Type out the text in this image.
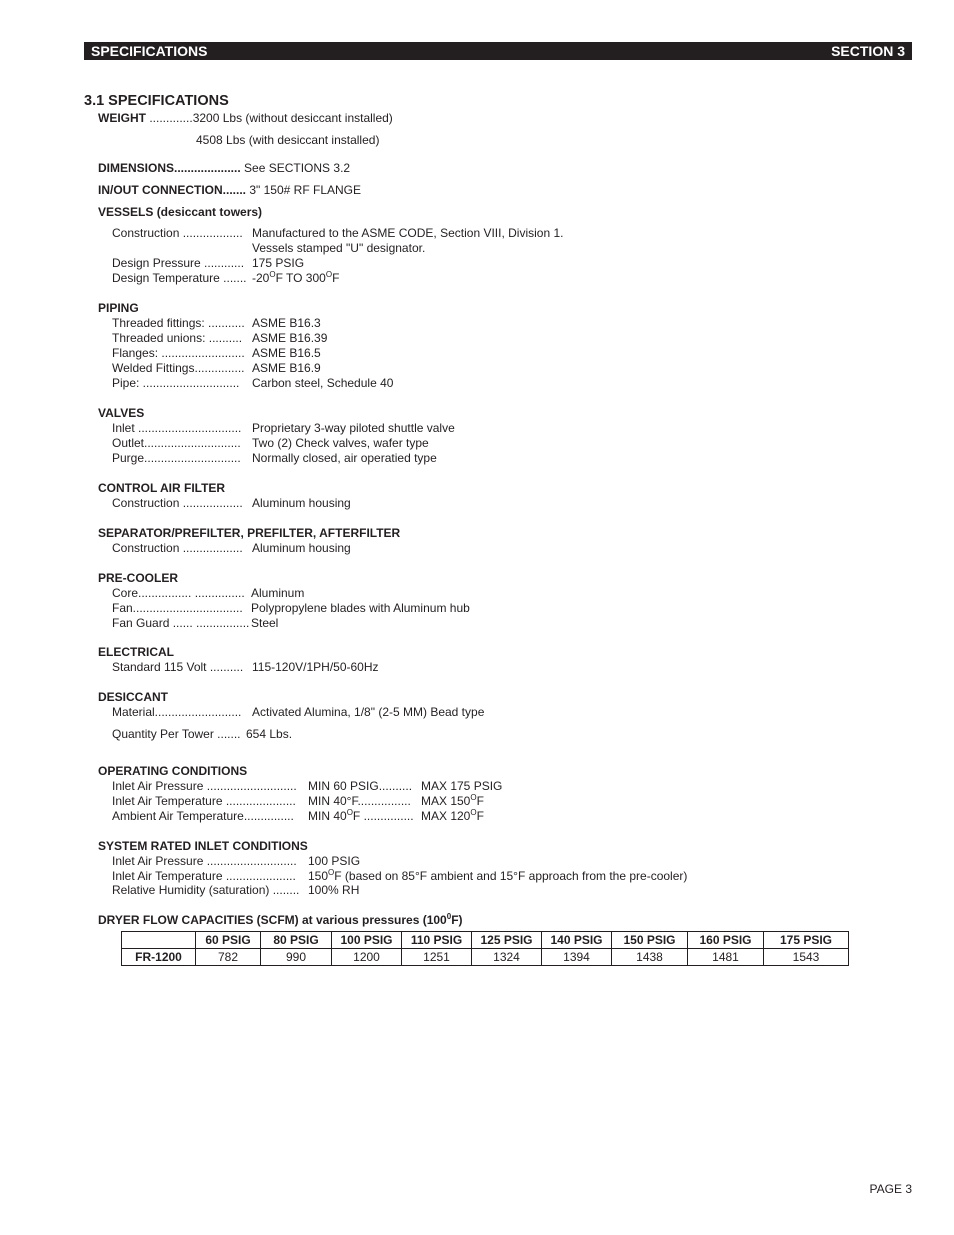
SPECIFICATIONS	SECTION 3
3.1 SPECIFICATIONS
WEIGHT .............3200 Lbs (without desiccant installed)
4508 Lbs (with desiccant installed)
DIMENSIONS.................... See SECTIONS 3.2
IN/OUT CONNECTION....... 3" 150# RF FLANGE
VESSELS (desiccant towers)
Construction .................. Manufactured to the ASME CODE, Section VIII, Division 1.
Vessels stamped "U" designator.
Design Pressure ............ 175 PSIG
Design Temperature ....... $-20^OF$ TO $300^OF$
PIPING
Threaded fittings: ........... ASME B16.3
Threaded unions: .......... ASME B16.39
Flanges: ......................... ASME B16.5
Welded Fittings............... ASME B16.9
Pipe: ............................. Carbon steel, Schedule 40
VALVES
Inlet ............................... Proprietary 3-way piloted shuttle valve
Outlet............................. Two (2) Check valves, wafer type
Purge............................. Normally closed, air operatied type
CONTROL AIR FILTER
Construction .................. Aluminum housing
SEPARATOR/PREFILTER, PREFILTER, AFTERFILTER
Construction .................. Aluminum housing
PRE-COOLER
Core................ ............... Aluminum
Fan................................. Polypropylene blades with Aluminum hub
Fan Guard ...... ................ Steel
ELECTRICAL
Standard 115 Volt .......... 115-120V/1PH/50-60Hz
DESICCANT
Material.......................... Activated Alumina, 1/8" (2-5 MM) Bead type
Quantity Per Tower ....... 654 Lbs.
OPERATING CONDITIONS
Inlet Air Pressure ........................... MIN 60 PSIG.......... MAX 175 PSIG
Inlet Air Temperature ..................... MIN 40°F................ MAX $150^OF$
Ambient Air Temperature............... MIN $40^OF$ ............... MAX $120^OF$
SYSTEM RATED INLET CONDITIONS
Inlet Air Pressure ........................... 100 PSIG
Inlet Air Temperature ..................... $150^OF$ (based on 85°F ambient and 15°F approach from the pre-cooler)
Relative Humidity (saturation) ........ 100% RH
DRYER FLOW CAPACITIES (SCFM) at various pressures $(100^0F)$
	60 PSIG	80 PSIG	100 PSIG	110 PSIG	125 PSIG	140 PSIG	150 PSIG	160 PSIG	175 PSIG
FR-1200	782	990	1200	1251	1324	1394	1438	1481	1543
PAGE 3
